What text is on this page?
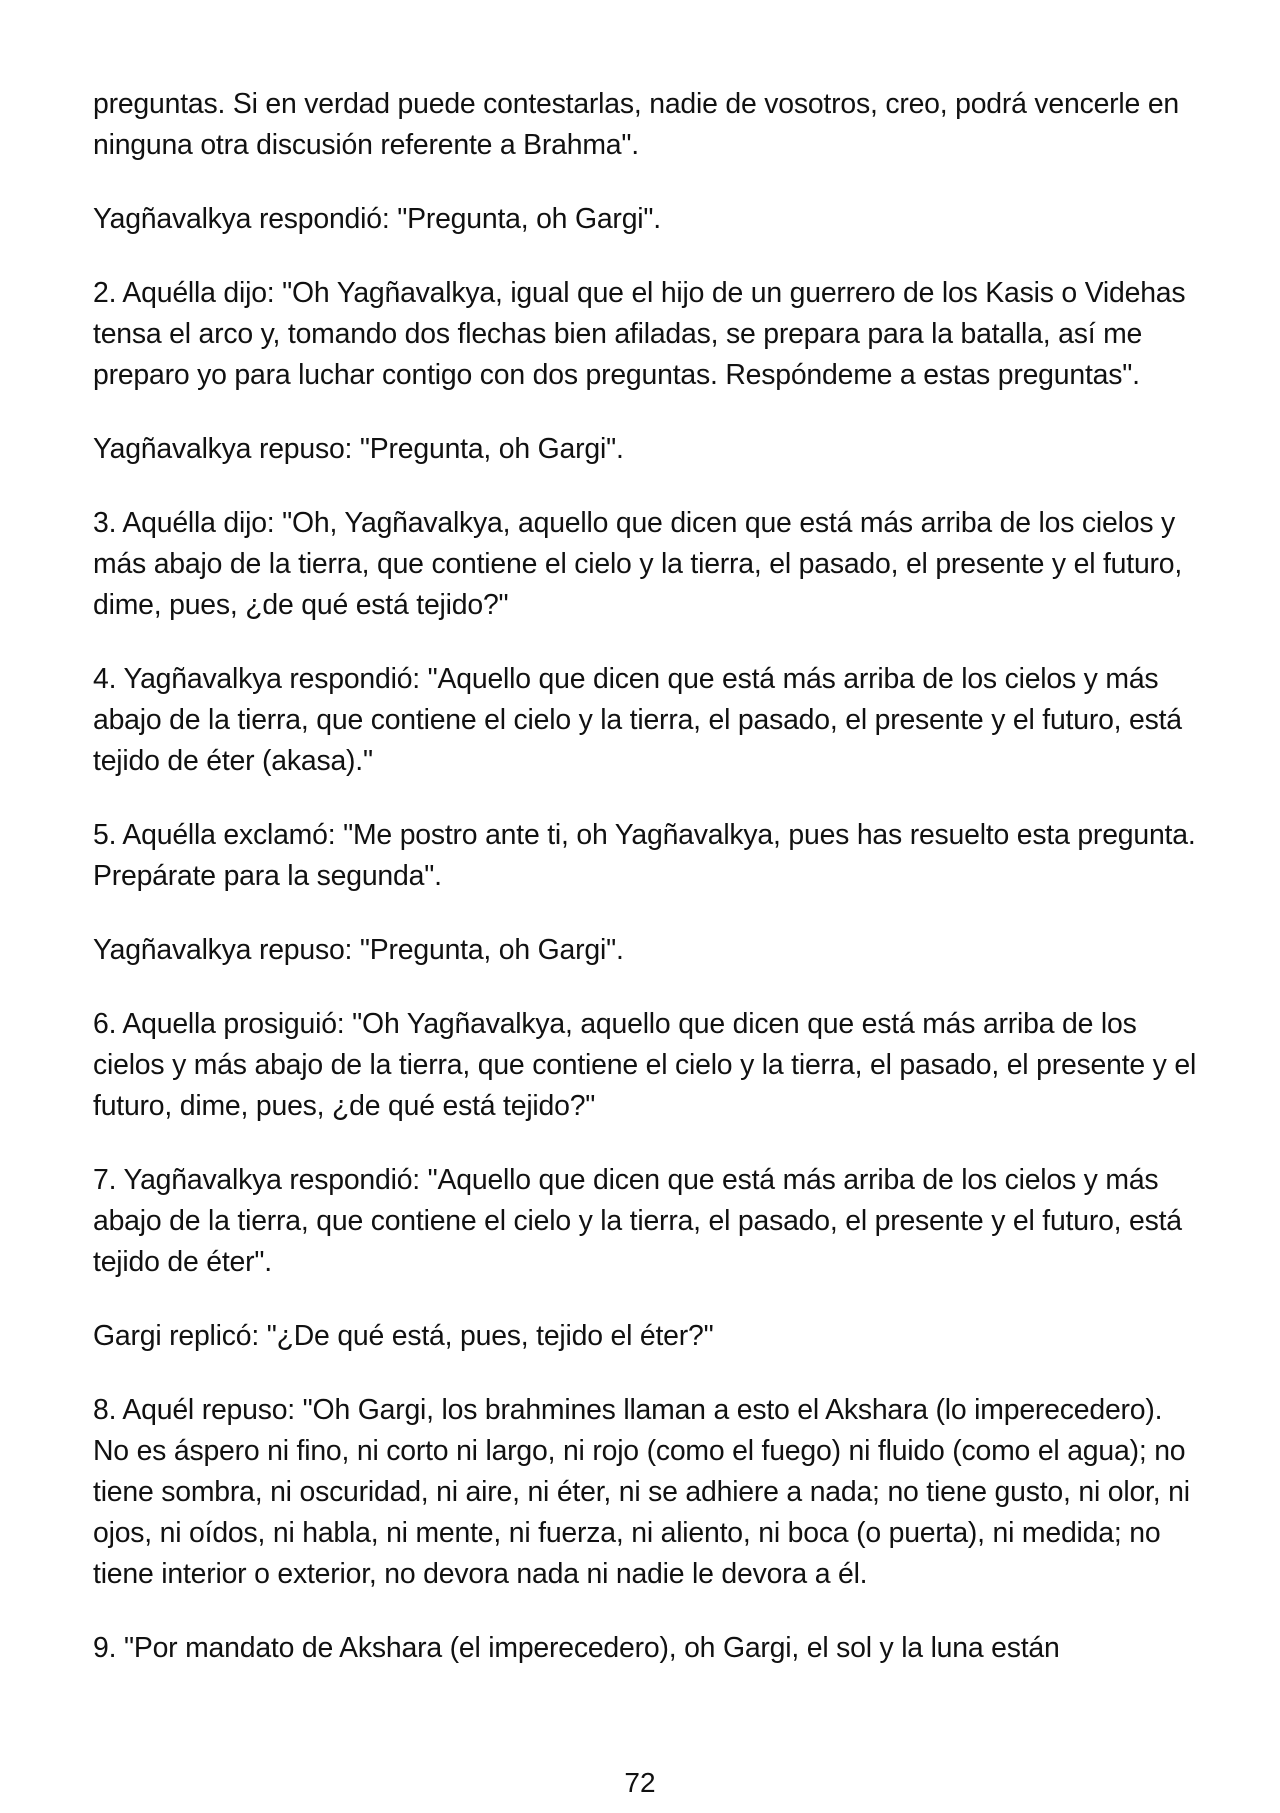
preguntas. Si en verdad puede contestarlas, nadie de vosotros, creo, podrá vencerle en ninguna otra discusión referente a Brahma".

Yagñavalkya respondió: "Pregunta, oh Gargi".

2. Aquélla dijo: "Oh Yagñavalkya, igual que el hijo de un guerrero de los Kasis o Videhas tensa el arco y, tomando dos flechas bien afiladas, se prepara para la batalla, así me preparo yo para luchar contigo con dos preguntas. Respóndeme a estas preguntas".

Yagñavalkya repuso: "Pregunta, oh Gargi".

3. Aquélla dijo: "Oh, Yagñavalkya, aquello que dicen que está más arriba de los cielos y más abajo de la tierra, que contiene el cielo y la tierra, el pasado, el presente y el futuro, dime, pues, ¿de qué está tejido?"

4. Yagñavalkya respondió: "Aquello que dicen que está más arriba de los cielos y más abajo de la tierra, que contiene el cielo y la tierra, el pasado, el presente y el futuro, está tejido de éter (akasa)."

5. Aquélla exclamó: "Me postro ante ti, oh Yagñavalkya, pues has resuelto esta pregunta. Prepárate para la segunda".

Yagñavalkya repuso: "Pregunta, oh Gargi".

6. Aquella prosiguió: "Oh Yagñavalkya, aquello que dicen que está más arriba de los cielos y más abajo de la tierra, que contiene el cielo y la tierra, el pasado, el presente y el futuro, dime, pues, ¿de qué está tejido?"

7. Yagñavalkya respondió: "Aquello que dicen que está más arriba de los cielos y más abajo de la tierra, que contiene el cielo y la tierra, el pasado, el presente y el futuro, está tejido de éter".

Gargi replicó: "¿De qué está, pues, tejido el éter?"

8. Aquél repuso: "Oh Gargi, los brahmines llaman a esto el Akshara (lo imperecedero). No es áspero ni fino, ni corto ni largo, ni rojo (como el fuego) ni fluido (como el agua); no tiene sombra, ni oscuridad, ni aire, ni éter, ni se adhiere a nada; no tiene gusto, ni olor, ni ojos, ni oídos, ni habla, ni mente, ni fuerza, ni aliento, ni boca (o puerta), ni medida; no tiene interior o exterior, no devora nada ni nadie le devora a él.

9. "Por mandato de Akshara (el imperecedero), oh Gargi, el sol y la luna están

72
